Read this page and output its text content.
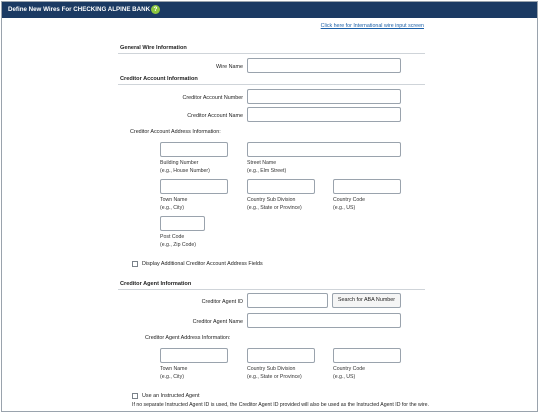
Define New Wires For CHECKING ALPINE BANK ?
Click here for International wire input screen
General Wire Information
Wire Name
Creditor Account Information
Creditor Account Number
Creditor Account Name
Creditor Account Address Information:
Building Number
(e.g., House Number)
Street Name
(e.g., Elm Street)
Town Name
(e.g., City)
Country Sub Division
(e.g., State or Province)
Country Code
(e.g., US)
Post Code
(e.g., Zip Code)
Display Additional Creditor Account Address Fields
Creditor Agent Information
Creditor Agent ID	Search for ABA Number
Creditor Agent Name
Creditor Agent Address Information:
Town Name
(e.g., City)
Country Sub Division
(e.g., State or Province)
Country Code
(e.g., US)
Use an Instructed Agent
If no separate Instructed Agent ID is used, the Creditor Agent ID provided will also be used as the Instructed Agent ID for the wire.
